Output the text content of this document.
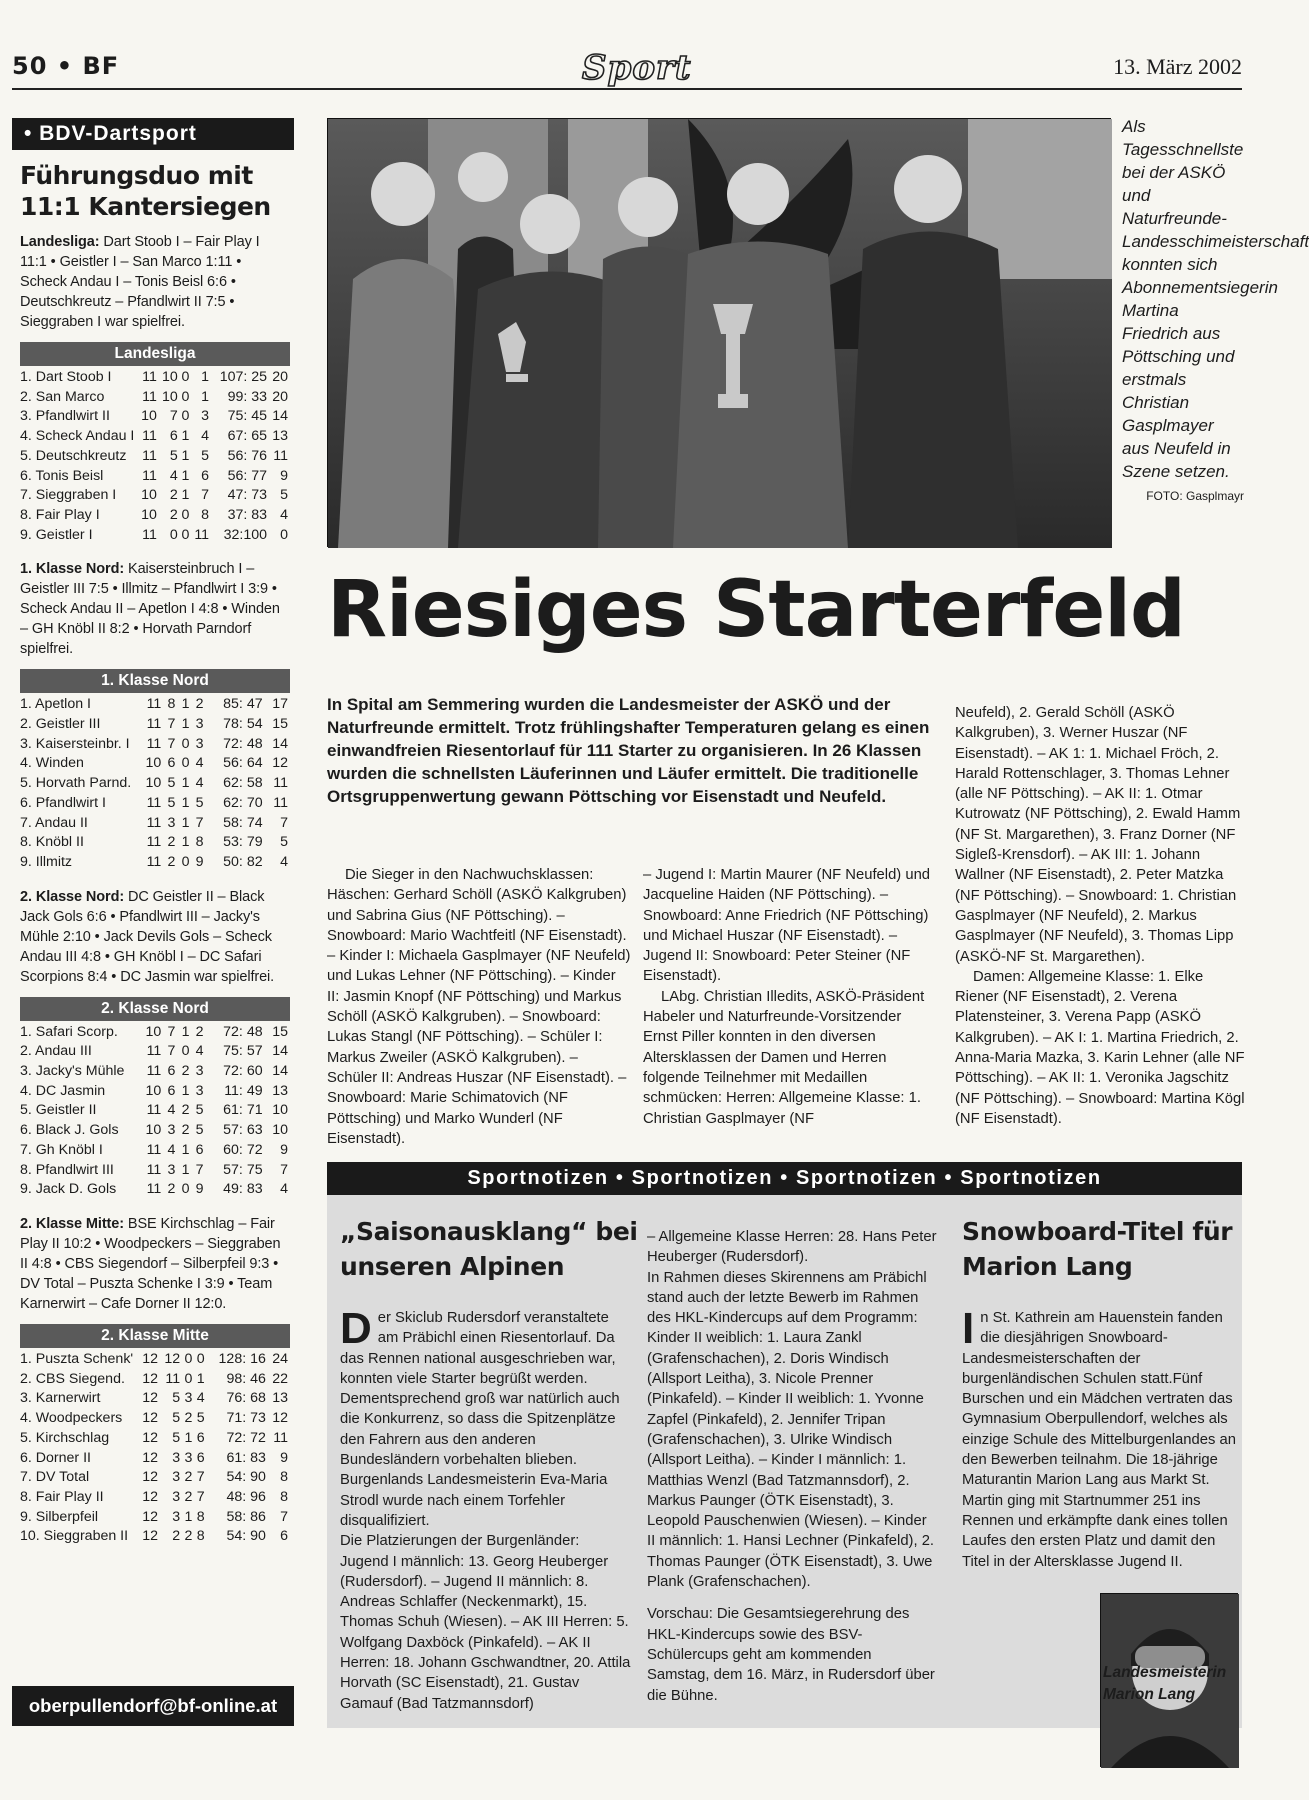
50 • BF	Sport	13. März 2002
• BDV-Dartsport
Führungsduo mit 11:1 Kantersiegen

Landesliga: Dart Stoob I – Fair Play I 11:1 • Geistler I – San Marco 1:11 • Scheck Andau I – Tonis Beisl 6:6 • Deutschkreutz – Pfandlwirt II 7:5 • Sieggraben I war spielfrei.

Landesliga
1. Dart Stoob I	11	10	0	1	107: 25	20
2. San Marco	11	10	0	1	99: 33	20
3. Pfandlwirt II	10	7	0	3	75: 45	14
4. Scheck Andau I	11	6	1	4	67: 65	13
5. Deutschkreutz	11	5	1	5	56: 76	11
6. Tonis Beisl	11	4	1	6	56: 77	9
7. Sieggraben I	10	2	1	7	47: 73	5
8. Fair Play I	10	2	0	8	37: 83	4
9. Geistler I	11	0	0	11	32:100	0

1. Klasse Nord: Kaisersteinbruch I – Geistler III 7:5 • Illmitz – Pfandlwirt I 3:9 • Scheck Andau II – Apetlon I 4:8 • Winden – GH Knöbl II 8:2 • Horvath Parndorf spielfrei.

1. Klasse Nord
1. Apetlon I	11	8	1	2	85: 47	17
2. Geistler III	11	7	1	3	78: 54	15
3. Kaisersteinbr. I	11	7	0	3	72: 48	14
4. Winden	10	6	0	4	56: 64	12
5. Horvath Parnd.	10	5	1	4	62: 58	11
6. Pfandlwirt I	11	5	1	5	62: 70	11
7. Andau II	11	3	1	7	58: 74	7
8. Knöbl II	11	2	1	8	53: 79	5
9. Illmitz	11	2	0	9	50: 82	4

2. Klasse Nord: DC Geistler II – Black Jack Gols 6:6 • Pfandlwirt III – Jacky's Mühle 2:10 • Jack Devils Gols – Scheck Andau III 4:8 • GH Knöbl I – DC Safari Scorpions 8:4 • DC Jasmin war spielfrei.

2. Klasse Nord
1. Safari Scorp.	10	7	1	2	72: 48	15
2. Andau III	11	7	0	4	75: 57	14
3. Jacky's Mühle	11	6	2	3	72: 60	14
4. DC Jasmin	10	6	1	3	11: 49	13
5. Geistler II	11	4	2	5	61: 71	10
6. Black J. Gols	10	3	2	5	57: 63	10
7. Gh Knöbl I	11	4	1	6	60: 72	9
8. Pfandlwirt III	11	3	1	7	57: 75	7
9. Jack D. Gols	11	2	0	9	49: 83	4

2. Klasse Mitte: BSE Kirchschlag – Fair Play II 10:2 • Woodpeckers – Sieggraben II 4:8 • CBS Siegendorf – Silberpfeil 9:3 • DV Total – Puszta Schenke I 3:9 • Team Karnerwirt – Cafe Dorner II 12:0.

2. Klasse Mitte
1. Puszta Schenk'	12	12	0	0	128: 16	24
2. CBS Siegend.	12	11	0	1	98: 46	22
3. Karnerwirt	12	5	3	4	76: 68	13
4. Woodpeckers	12	5	2	5	71: 73	12
5. Kirchschlag	12	5	1	6	72: 72	11
6. Dorner II	12	3	3	6	61: 83	9
7. DV Total	12	3	2	7	54: 90	8
8. Fair Play II	12	3	2	7	48: 96	8
9. Silberpfeil	12	3	1	8	58: 86	7
10. Sieggraben II	12	2	2	8	54: 90	6
oberpullendorf@bf-online.at
Als Tagesschnellste bei der ASKÖ und Naturfreunde-Landesschimeisterschaft konnten sich Abonnementsiegerin Martina Friedrich aus Pöttsching und erstmals Christian Gasplmayer aus Neufeld in Szene setzen.
FOTO: Gasplmayr
Riesiges Starterfeld
In Spital am Semmering wurden die Landesmeister der ASKÖ und der Naturfreunde ermittelt. Trotz frühlingshafter Temperaturen gelang es einen einwandfreien Riesentorlauf für 111 Starter zu organisieren. In 26 Klassen wurden die schnellsten Läuferinnen und Läufer ermittelt. Die traditionelle Ortsgruppenwertung gewann Pöttsching vor Eisenstadt und Neufeld.
Die Sieger in den Nachwuchsklassen: Häschen: Gerhard Schöll (ASKÖ Kalkgruben) und Sabrina Gius (NF Pöttsching). – Snowboard: Mario Wachtfeitl (NF Eisenstadt). – Kinder I: Michaela Gasplmayer (NF Neufeld) und Lukas Lehner (NF Pöttsching). – Kinder II: Jasmin Knopf (NF Pöttsching) und Markus Schöll (ASKÖ Kalkgruben). – Snowboard: Lukas Stangl (NF Pöttsching). – Schüler I: Markus Zweiler (ASKÖ Kalkgruben). – Schüler II: Andreas Huszar (NF Eisenstadt). – Snowboard: Marie Schimatovich (NF Pöttsching) und Marko Wunderl (NF Eisenstadt).

– Jugend I: Martin Maurer (NF Neufeld) und Jacqueline Haiden (NF Pöttsching). – Snowboard: Anne Friedrich (NF Pöttsching) und Michael Huszar (NF Eisenstadt). – Jugend II: Snowboard: Peter Steiner (NF Eisenstadt).

LAbg. Christian Illedits, ASKÖ-Präsident Habeler und Naturfreunde-Vorsitzender Ernst Piller konnten in den diversen Altersklassen der Damen und Herren folgende Teilnehmer mit Medaillen schmücken: Herren: Allgemeine Klasse: 1. Christian Gasplmayer (NF

Neufeld), 2. Gerald Schöll (ASKÖ Kalkgruben), 3. Werner Huszar (NF Eisenstadt). – AK 1: 1. Michael Fröch, 2. Harald Rottenschlager, 3. Thomas Lehner (alle NF Pöttsching). – AK II: 1. Otmar Kutrowatz (NF Pöttsching), 2. Ewald Hamm (NF St. Margarethen), 3. Franz Dorner (NF Sigleß-Krensdorf). – AK III: 1. Johann Wallner (NF Eisenstadt), 2. Peter Matzka (NF Pöttsching). – Snowboard: 1. Christian Gasplmayer (NF Neufeld), 2. Markus Gasplmayer (NF Neufeld), 3. Thomas Lipp (ASKÖ-NF St. Margarethen).

Damen: Allgemeine Klasse: 1. Elke Riener (NF Eisenstadt), 2. Verena Platensteiner, 3. Verena Papp (ASKÖ Kalkgruben). – AK I: 1. Martina Friedrich, 2. Anna-Maria Mazka, 3. Karin Lehner (alle NF Pöttsching). – AK II: 1. Veronika Jagschitz (NF Pöttsching). – Snowboard: Martina Kögl (NF Eisenstadt).

Sportnotizen • Sportnotizen • Sportnotizen • Sportnotizen
„Saisonausklang“ bei unseren Alpinen

Der Skiclub Rudersdorf veranstaltete am Präbichl einen Riesentorlauf. Da das Rennen national ausgeschrieben war, konnten viele Starter begrüßt werden. Dementsprechend groß war natürlich auch die Konkurrenz, so dass die Spitzenplätze den Fahrern aus den anderen Bundesländern vorbehalten blieben. Burgenlands Landesmeisterin Eva-Maria Strodl wurde nach einem Torfehler disqualifiziert.

Die Platzierungen der Burgenländer: Jugend I männlich: 13. Georg Heuberger (Rudersdorf). – Jugend II männlich: 8. Andreas Schlaffer (Neckenmarkt), 15. Thomas Schuh (Wiesen). – AK III Herren: 5. Wolfgang Daxböck (Pinkafeld). – AK II Herren: 18. Johann Gschwandtner, 20. Attila Horvath (SC Eisenstadt), 21. Gustav Gamauf (Bad Tatzmannsdorf)

– Allgemeine Klasse Herren: 28. Hans Peter Heuberger (Rudersdorf).

In Rahmen dieses Skirennens am Präbichl stand auch der letzte Bewerb im Rahmen des HKL-Kindercups auf dem Programm: Kinder II weiblich: 1. Laura Zankl (Grafenschachen), 2. Doris Windisch (Allsport Leitha), 3. Nicole Prenner (Pinkafeld). – Kinder II weiblich: 1. Yvonne Zapfel (Pinkafeld), 2. Jennifer Tripan (Grafenschachen), 3. Ulrike Windisch (Allsport Leitha). – Kinder I männlich: 1. Matthias Wenzl (Bad Tatzmannsdorf), 2. Markus Paunger (ÖTK Eisenstadt), 3. Leopold Pauschenwien (Wiesen). – Kinder II männlich: 1. Hansi Lechner (Pinkafeld), 2. Thomas Paunger (ÖTK Eisenstadt), 3. Uwe Plank (Grafenschachen).

Vorschau: Die Gesamtsiegerehrung des HKL-Kindercups sowie des BSV-Schülercups geht am kommenden Samstag, dem 16. März, in Rudersdorf über die Bühne.

Snowboard-Titel für Marion Lang

In St. Kathrein am Hauenstein fanden die diesjährigen Snowboard-Landesmeisterschaften der burgenländischen Schulen statt.Fünf Burschen und ein Mädchen vertraten das Gymnasium Oberpullendorf, welches als einzige Schule des Mittelburgenlandes an den Bewerben teilnahm. Die 18-jährige Maturantin Marion Lang aus Markt St. Martin ging mit Startnummer 251 ins Rennen und erkämpfte dank eines tollen Laufes den ersten Platz und damit den Titel in der Altersklasse Jugend II.

Landesmeisterin Marion Lang
